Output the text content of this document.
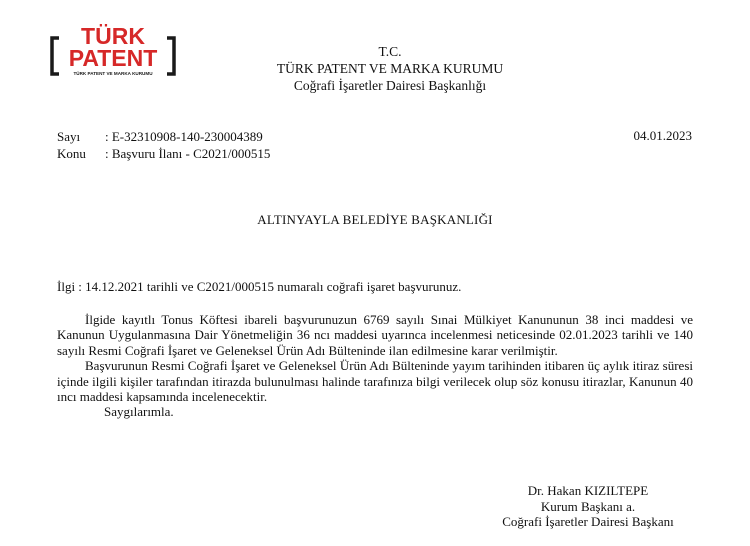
TÜRK
PATENT
TÜRK PATENT VE MARKA KURUMU
T.C.
TÜRK PATENT VE MARKA KURUMU
Coğrafi İşaretler Dairesi Başkanlığı
Sayı	: E-32310908-140-230004389
Konu	: Başvuru İlanı - C2021/000515
04.01.2023
ALTINYAYLA BELEDİYE BAŞKANLIĞI
İlgi : 14.12.2021 tarihli ve C2021/000515 numaralı coğrafi işaret başvurunuz.

İlgide kayıtlı Tonus Köftesi ibareli başvurunuzun 6769 sayılı Sınai Mülkiyet Kanununun 38 inci maddesi ve Kanunun Uygulanmasına Dair Yönetmeliğin 36 ncı maddesi uyarınca incelenmesi neticesinde 02.01.2023 tarihli ve 140 sayılı Resmi Coğrafi İşaret ve Geleneksel Ürün Adı Bülteninde ilan edilmesine karar verilmiştir.

Başvurunun Resmi Coğrafi İşaret ve Geleneksel Ürün Adı Bülteninde yayım tarihinden itibaren üç aylık itiraz süresi içinde ilgili kişiler tarafından itirazda bulunulması halinde tarafınıza bilgi verilecek olup söz konusu itirazlar, Kanunun 40 ıncı maddesi kapsamında incelenecektir.

Saygılarımla.

Dr. Hakan KIZILTEPE
Kurum Başkanı a.
Coğrafi İşaretler Dairesi Başkanı
